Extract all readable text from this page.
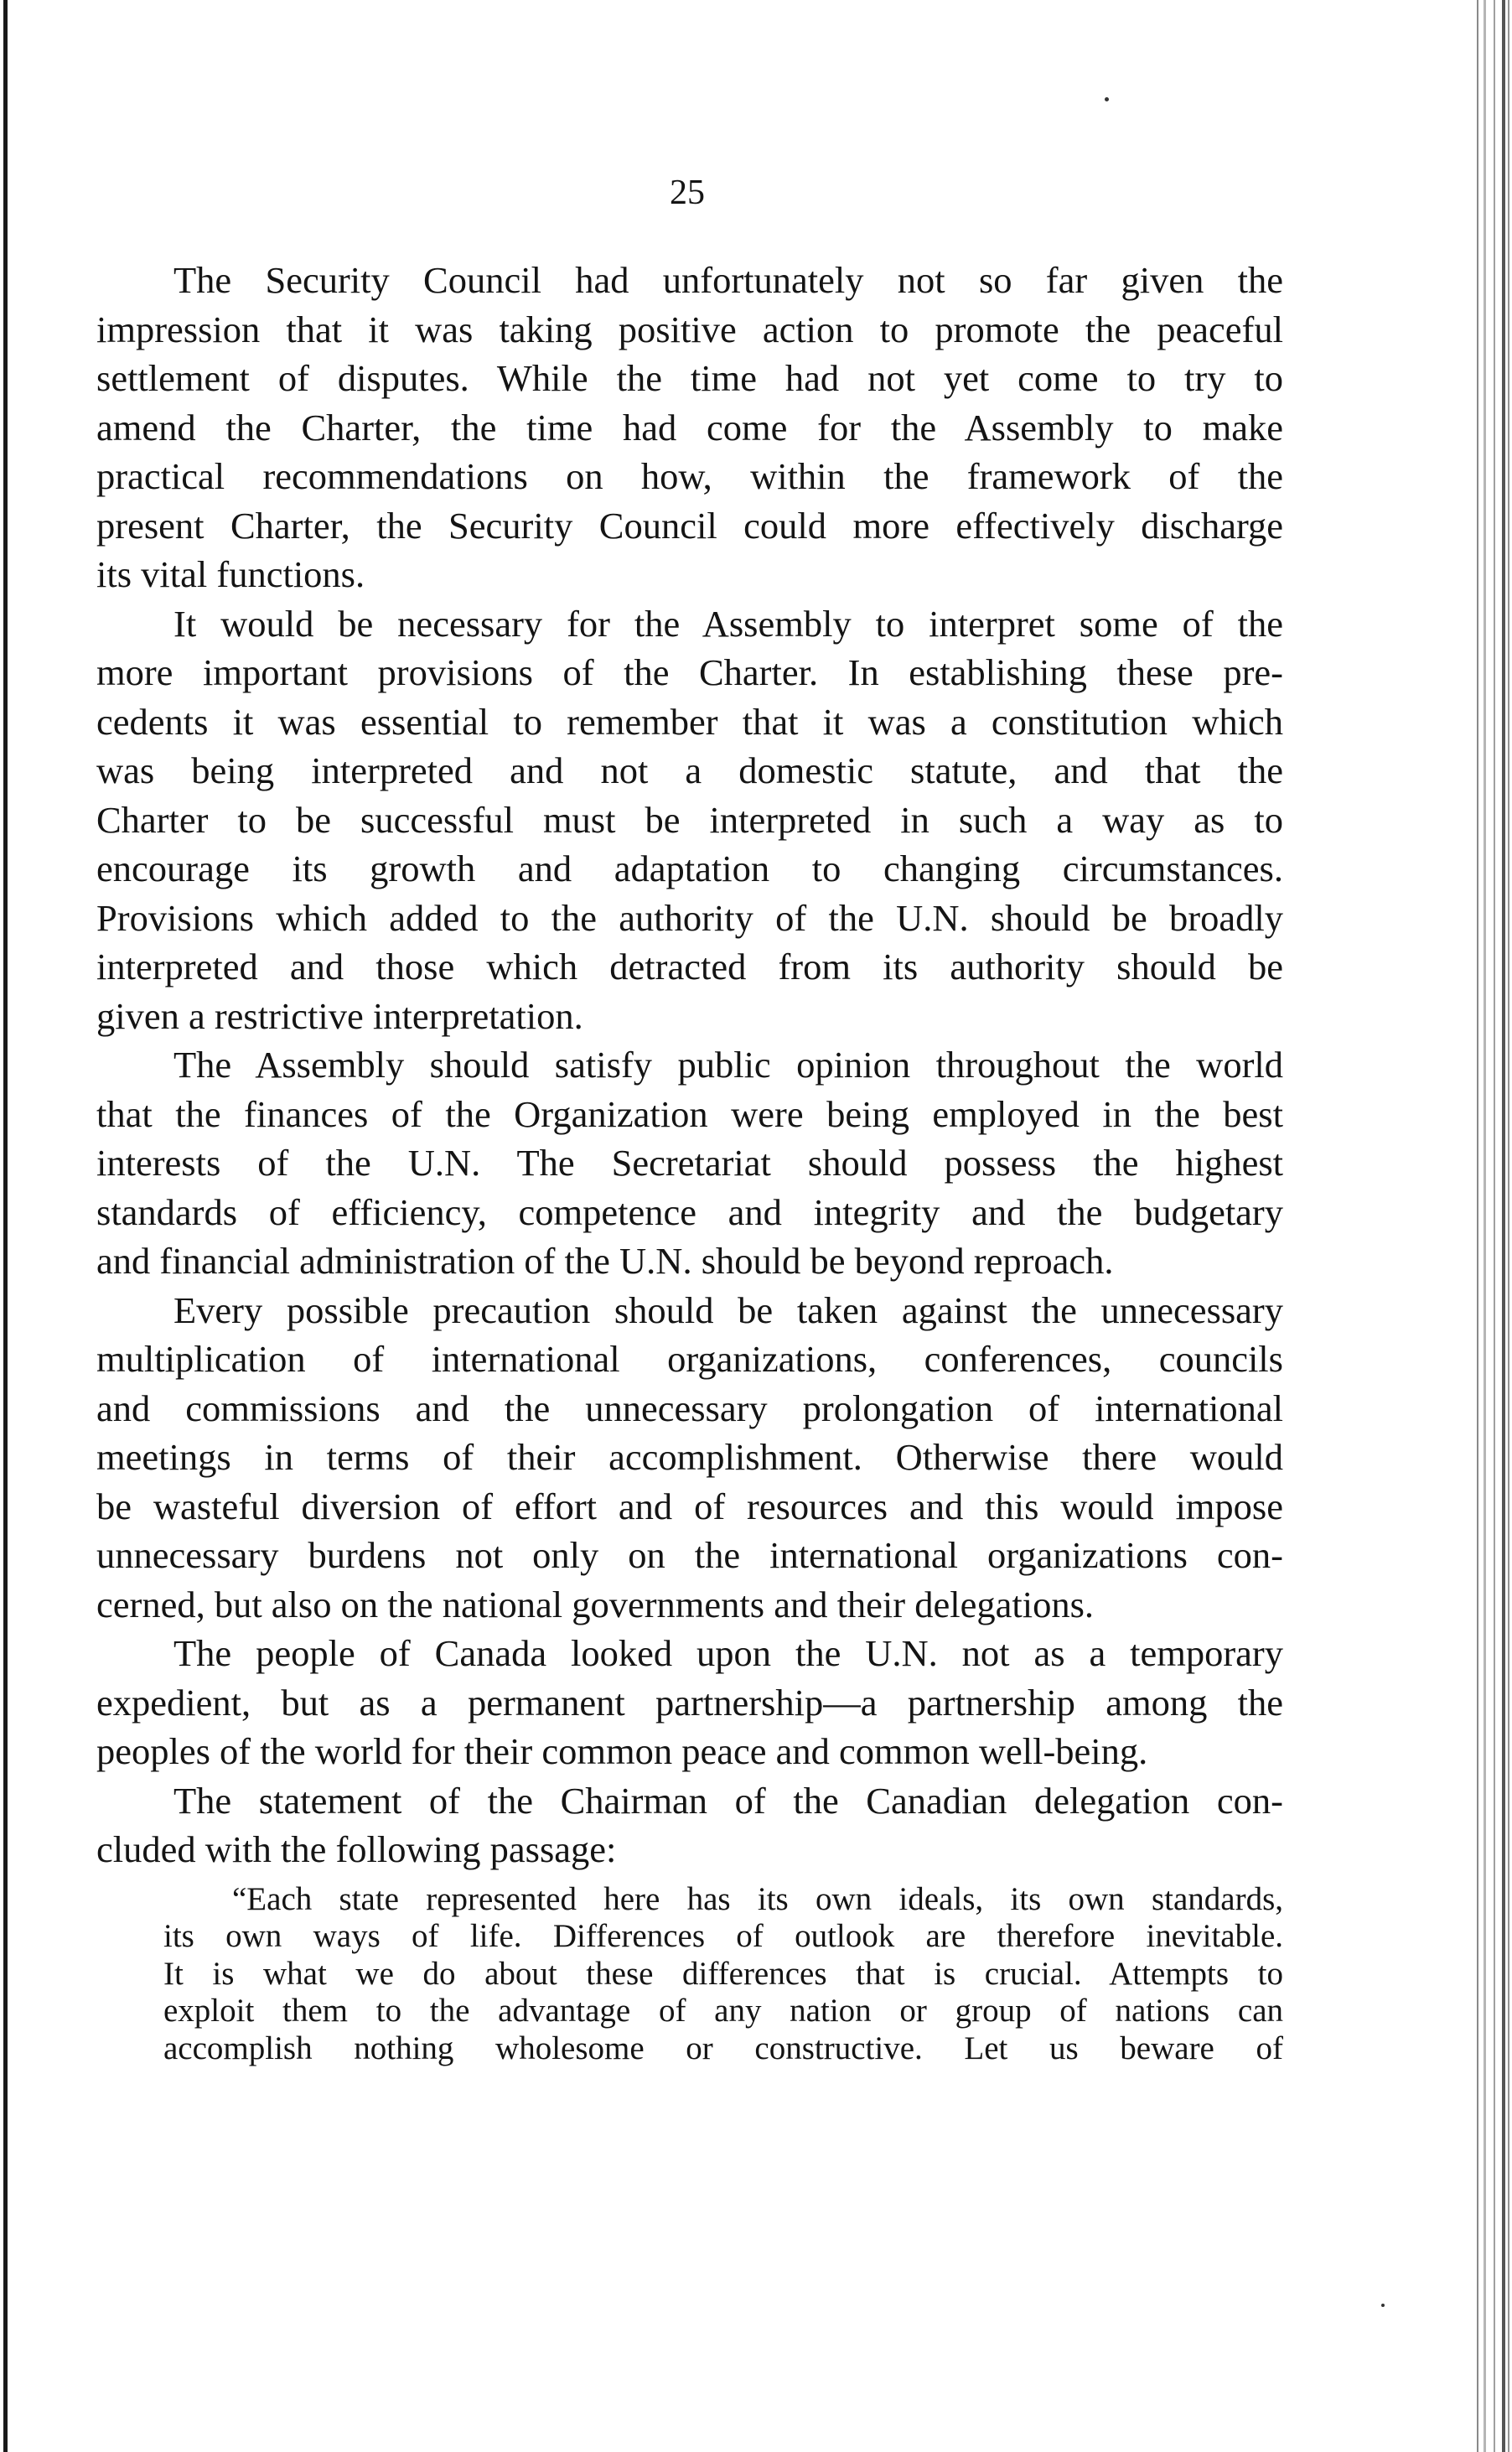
25

The Security Council had unfortunately not so far given the
impression that it was taking positive action to promote the peaceful
settlement of disputes. While the time had not yet come to try to
amend the Charter, the time had come for the Assembly to make
practical recommendations on how, within the framework of the
present Charter, the Security Council could more effectively discharge
its vital functions.

It would be necessary for the Assembly to interpret some of the
more important provisions of the Charter. In establishing these pre-
cedents it was essential to remember that it was a constitution which
was being interpreted and not a domestic statute, and that the
Charter to be successful must be interpreted in such a way as to
encourage its growth and adaptation to changing circumstances.
Provisions which added to the authority of the U.N. should be broadly
interpreted and those which detracted from its authority should be
given a restrictive interpretation.

The Assembly should satisfy public opinion throughout the world
that the finances of the Organization were being employed in the best
interests of the U.N. The Secretariat should possess the highest
standards of efficiency, competence and integrity and the budgetary
and financial administration of the U.N. should be beyond reproach.

Every possible precaution should be taken against the unnecessary
multiplication of international organizations, conferences, councils
and commissions and the unnecessary prolongation of international
meetings in terms of their accomplishment. Otherwise there would
be wasteful diversion of effort and of resources and this would impose
unnecessary burdens not only on the international organizations con-
cerned, but also on the national governments and their delegations.

The people of Canada looked upon the U.N. not as a temporary
expedient, but as a permanent partnership—a partnership among the
peoples of the world for their common peace and common well-being.

The statement of the Chairman of the Canadian delegation con-
cluded with the following passage:

“Each state represented here has its own ideals, its own standards,
its own ways of life. Differences of outlook are therefore inevitable.
It is what we do about these differences that is crucial. Attempts to
exploit them to the advantage of any nation or group of nations can
accomplish nothing wholesome or constructive. Let us beware of
